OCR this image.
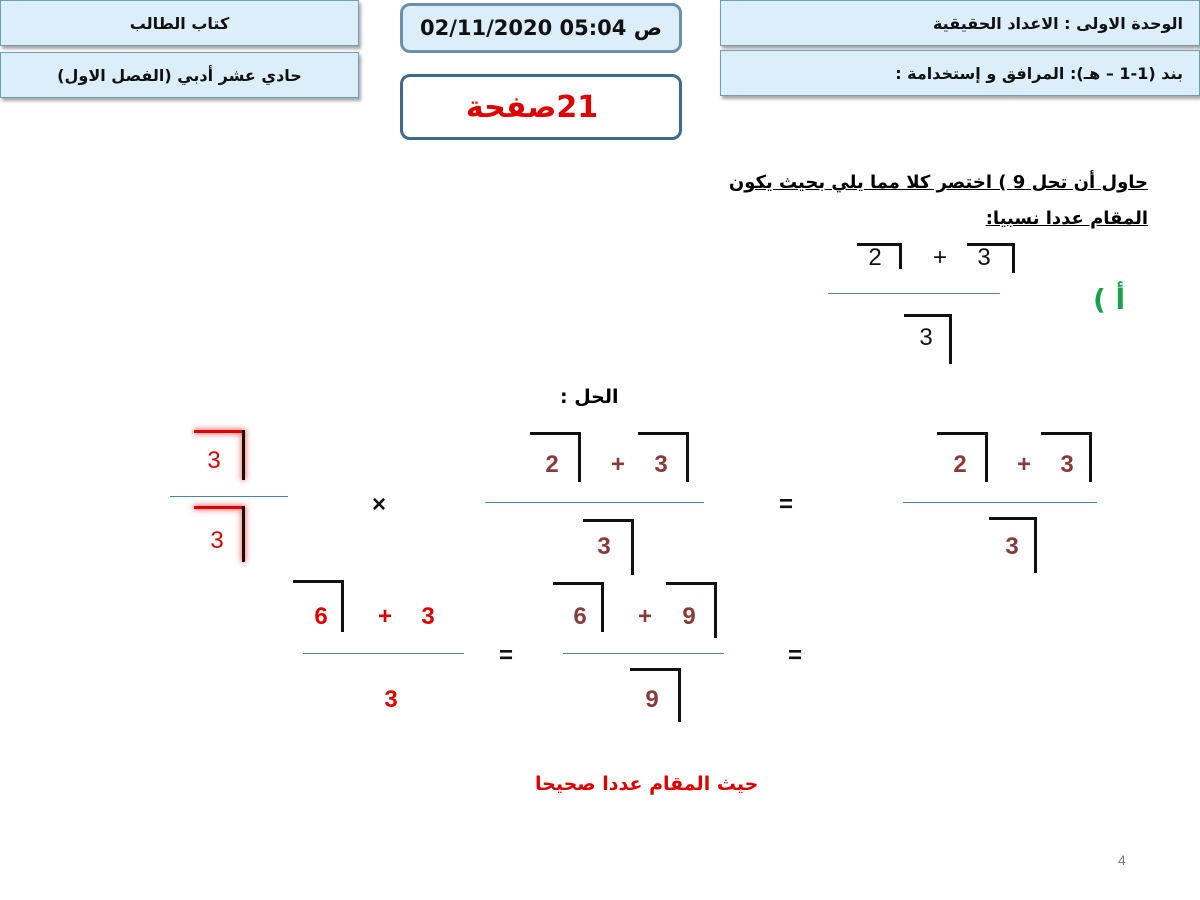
كتاب الطالب
حادي عشر أدبي (الفصل الاول)
02/11/2020 05:04 ص
صفحة 21
الوحدة الاولى : الاعداد الحقيقية
بند (1-1 – هـ): المرافق و إستخدامة :
حاول أن تحل 9 ) اختصر كلا مما يلي بحيث يكون
المقام عددا نسبيا:
أ )
2 + 3
3
الحل :
2 + 3
3
=
2 + 3
3
×
3
3
=
6 + 9
9
=
6 + 3
3
حيث المقام عددا صحيحا
4
